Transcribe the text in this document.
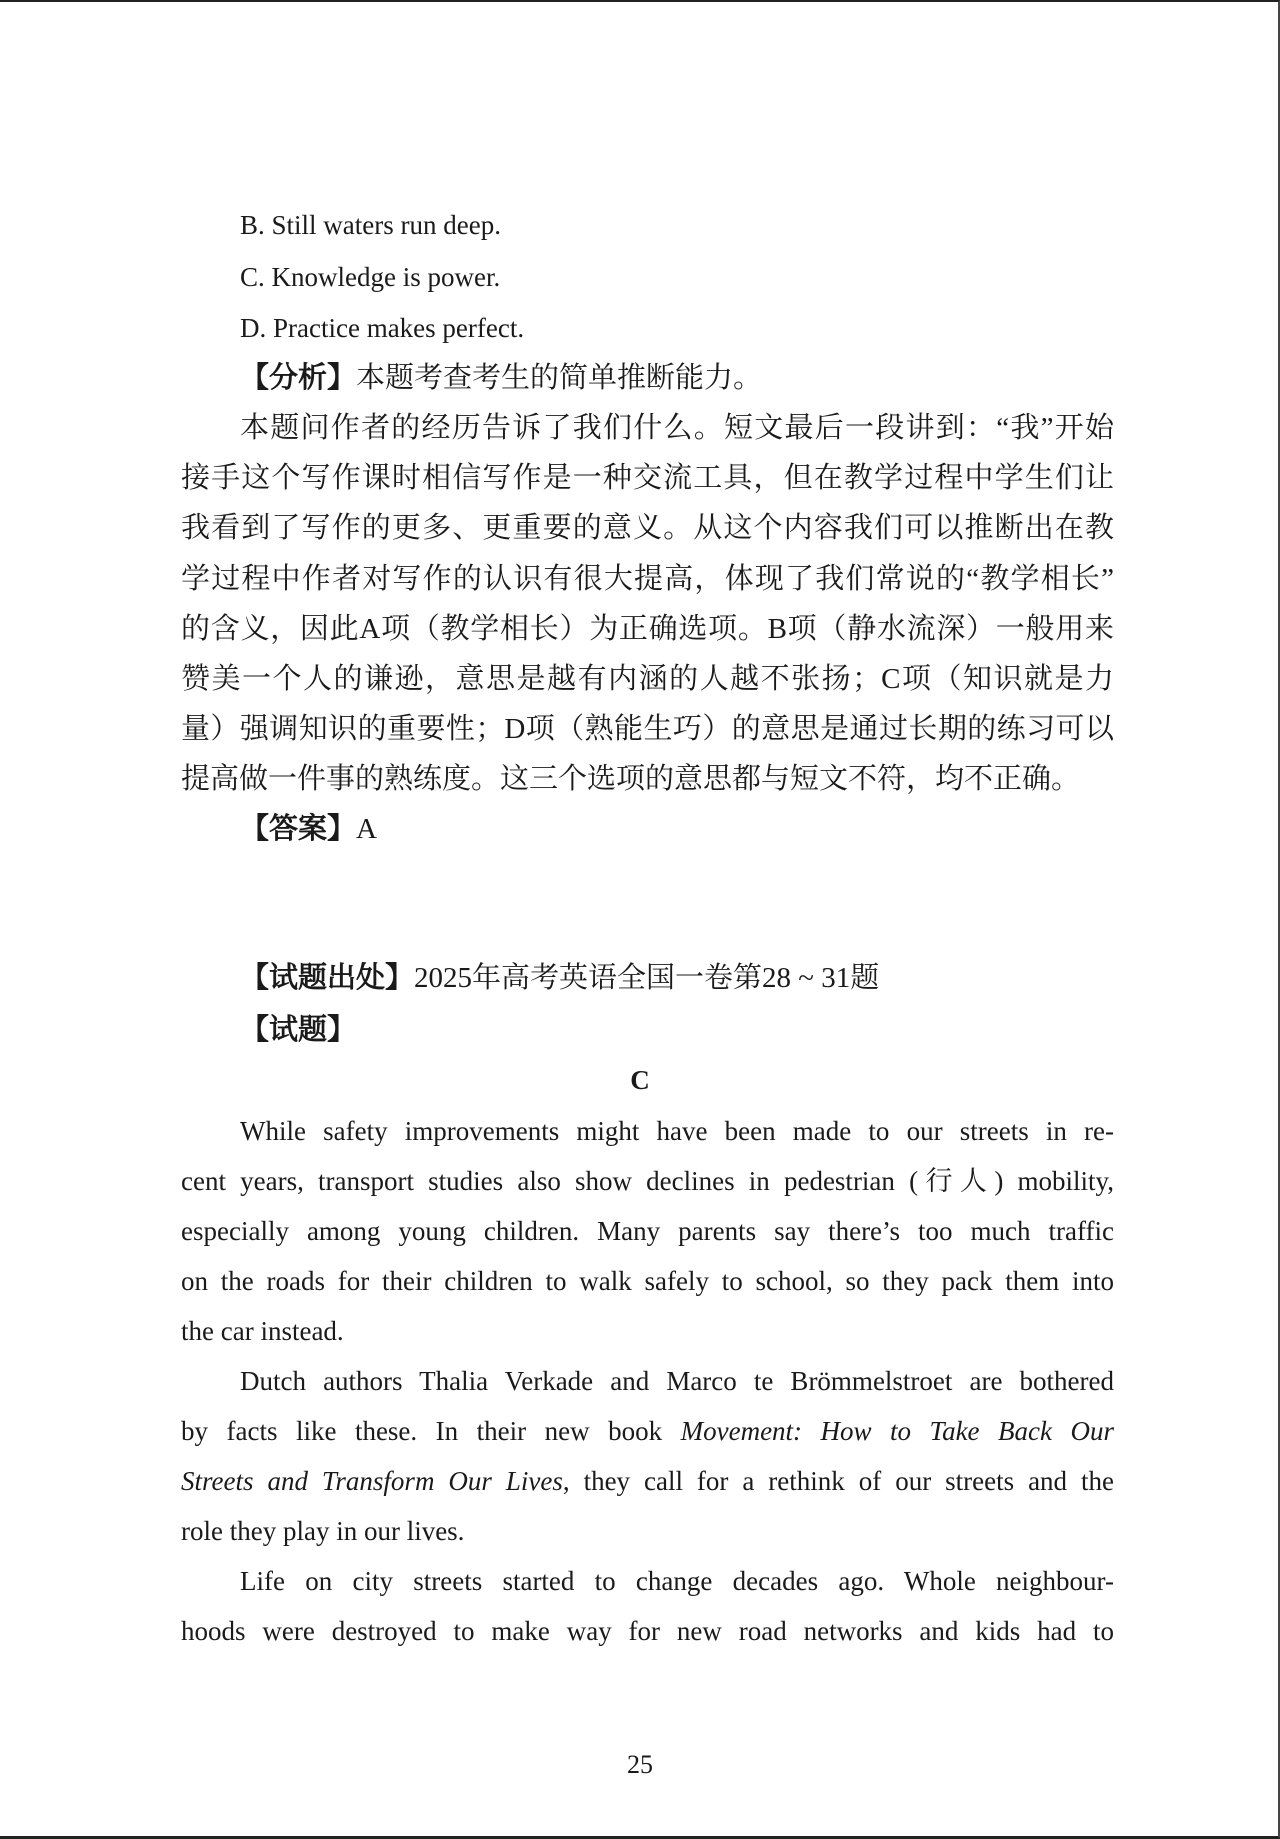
B. Still waters run deep.
C. Knowledge is power.
D. Practice makes perfect.
【分析】本题考查考生的简单推断能力。
本题问作者的经历告诉了我们什么。短文最后一段讲到：“我”开始
接手这个写作课时相信写作是一种交流工具，但在教学过程中学生们让
我看到了写作的更多、更重要的意义。从这个内容我们可以推断出在教
学过程中作者对写作的认识有很大提高，体现了我们常说的“教学相长”
的含义，因此A项（教学相长）为正确选项。B项（静水流深）一般用来
赞美一个人的谦逊，意思是越有内涵的人越不张扬；C项（知识就是力
量）强调知识的重要性；D项（熟能生巧）的意思是通过长期的练习可以
提高做一件事的熟练度。这三个选项的意思都与短文不符，均不正确。
【答案】A
【试题出处】2025年高考英语全国一卷第28 ~ 31题
【试题】
C
While safety improvements might have been made to our streets in re-
cent years, transport studies also show declines in pedestrian (行人) mobility,
especially among young children. Many parents say there’s too much traffic
on the roads for their children to walk safely to school, so they pack them into
the car instead.
Dutch authors Thalia Verkade and Marco te Brömmelstroet are bothered
by facts like these. In their new book Movement: How to Take Back Our
Streets and Transform Our Lives, they call for a rethink of our streets and the
role they play in our lives.
Life on city streets started to change decades ago. Whole neighbour-
hoods were destroyed to make way for new road networks and kids had to
25
